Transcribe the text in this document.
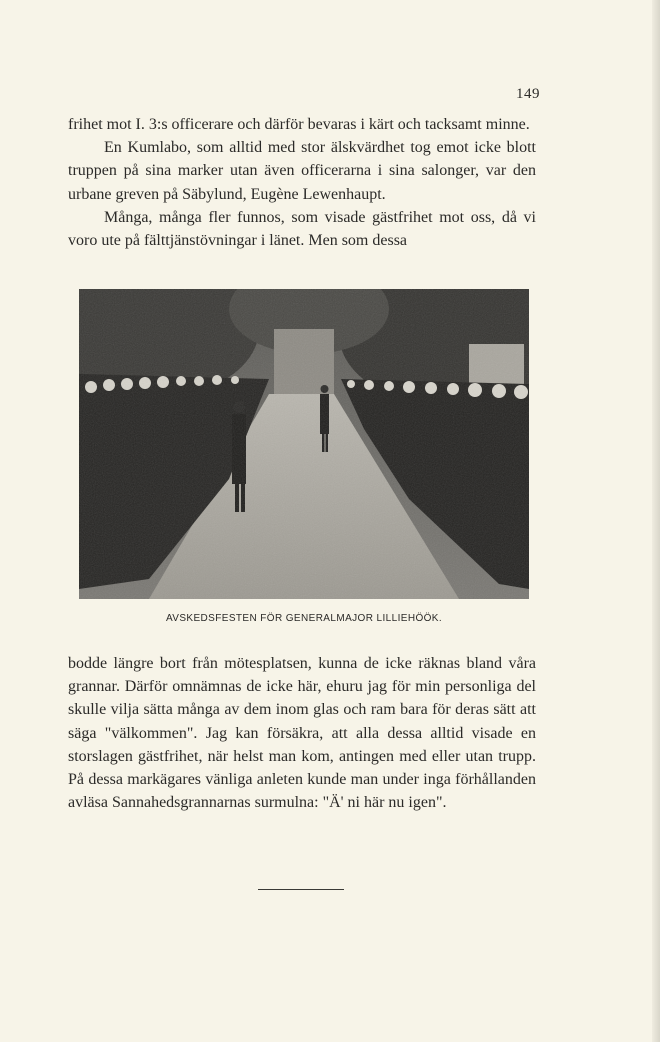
149

frihet mot I. 3:s officerare och därför bevaras i kärt och tacksamt minne.

En Kumlabo, som alltid med stor älskvärdhet tog emot icke blott truppen på sina marker utan även officerarna i sina salonger, var den urbane greven på Säbylund, Eugène Lewenhaupt.

Många, många fler funnos, som visade gästfrihet mot oss, då vi voro ute på fälttjänstövningar i länet. Men som dessa

AVSKEDSFESTEN FÖR GENERALMAJOR LILLIEHÖÖK.

bodde längre bort från mötesplatsen, kunna de icke räknas bland våra grannar. Därför omnämnas de icke här, ehuru jag för min personliga del skulle vilja sätta många av dem inom glas och ram bara för deras sätt att säga "välkommen". Jag kan försäkra, att alla dessa alltid visade en storslagen gästfrihet, när helst man kom, antingen med eller utan trupp. På dessa markägares vänliga anleten kunde man under inga förhållanden avläsa Sannahedsgrannarnas surmulna: "Ä' ni här nu igen".
